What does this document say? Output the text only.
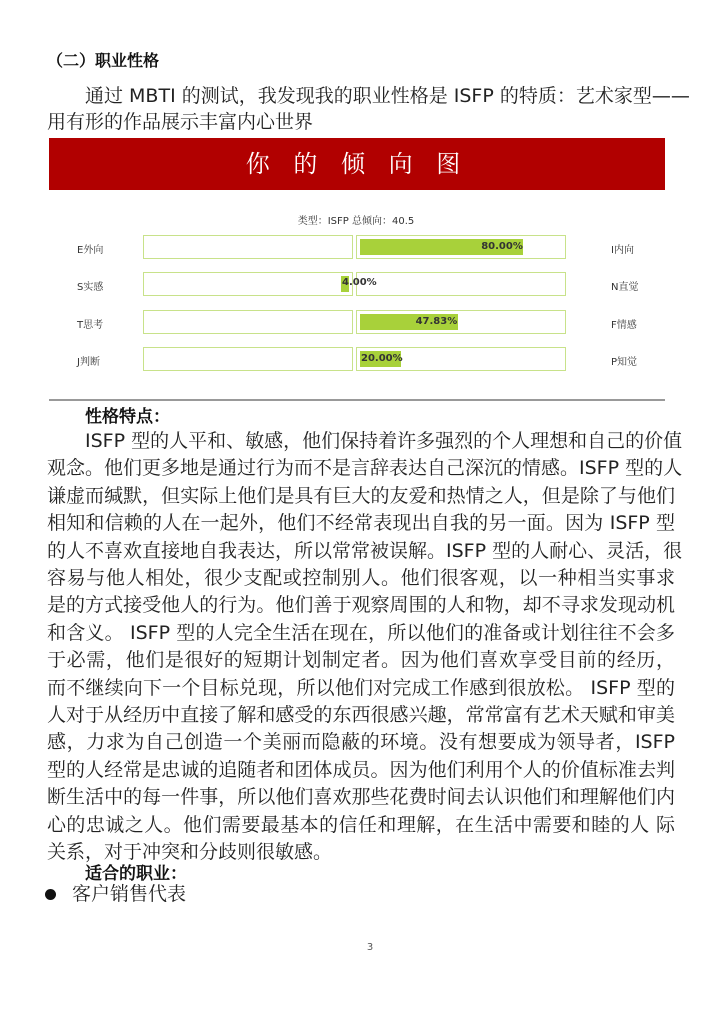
（二）职业性格
通过 MBTI 的测试，我发现我的职业性格是 ISFP 的特质：艺术家型——
用有形的作品展示丰富内心世界
你 的 倾 向 图
类型：ISFP 总倾向：40.5
E外向	I内向
80.00%
S实感	N直觉
4.00%
T思考	F情感
47.83%
J判断	P知觉
20.00%
性格特点：
ISFP 型的人平和、敏感，他们保持着许多强烈的个人理想和自己的价值
观念。他们更多地是通过行为而不是言辞表达自己深沉的情感。ISFP 型的人
谦虚而缄默，但实际上他们是具有巨大的友爱和热情之人，但是除了与他们
相知和信赖的人在一起外，他们不经常表现出自我的另一面。因为 ISFP 型
的人不喜欢直接地自我表达，所以常常被误解。ISFP 型的人耐心、灵活，很
容易与他人相处，很少支配或控制别人。他们很客观，以一种相当实事求
是的方式接受他人的行为。他们善于观察周围的人和物，却不寻求发现动机
和含义。 ISFP 型的人完全生活在现在，所以他们的准备或计划往往不会多
于必需，他们是很好的短期计划制定者。因为他们喜欢享受目前的经历，
而不继续向下一个目标兑现，所以他们对完成工作感到很放松。 ISFP 型的
人对于从经历中直接了解和感受的东西很感兴趣，常常富有艺术天赋和审美
感，力求为自己创造一个美丽而隐蔽的环境。没有想要成为领导者，ISFP
型的人经常是忠诚的追随者和团体成员。因为他们利用个人的价值标准去判
断生活中的每一件事，所以他们喜欢那些花费时间去认识他们和理解他们内
心的忠诚之人。他们需要最基本的信任和理解，在生活中需要和睦的人 际
关系，对于冲突和分歧则很敏感。
适合的职业：
客户销售代表
3
